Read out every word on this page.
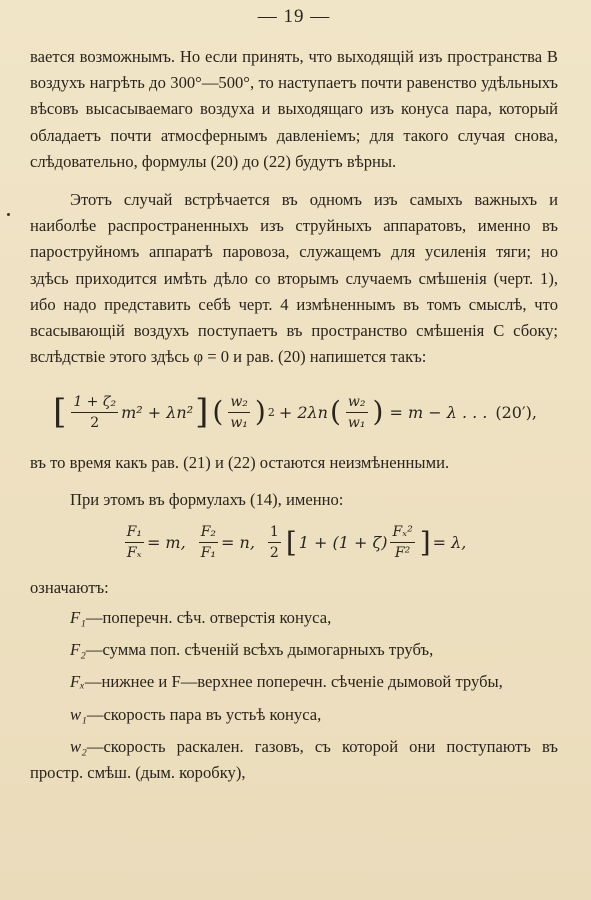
— 19 —

вается возможнымъ. Но если принять, что выходящій изъ пространства B воздухъ нагрѣть до 300°—500°, то наступаетъ почти равенство удѣльныхъ вѣсовъ высасываемаго воздуха и выходящаго изъ конуса пара, который обладаетъ почти атмосфернымъ давленіемъ; для такого случая снова, слѣдовательно, формулы (20) до (22) будутъ вѣрны.

Этотъ случай встрѣчается въ одномъ изъ самыхъ важныхъ и наиболѣе распространенныхъ изъ струйныхъ аппаратовъ, именно въ пароструйномъ аппаратѣ паровоза, служащемъ для усиленія тяги; но здѣсь приходится имѣть дѣло со вторымъ случаемъ смѣшенія (черт. 1), ибо надо представить себѣ черт. 4 измѣненнымъ въ томъ смыслѣ, что всасывающій воздухъ поступаетъ въ пространство смѣшенія C сбоку; вслѣдствіе этого здѣсь φ = 0 и рав. (20) напишется такъ:

[ $\frac{\text{1 + ζ₂}}{2} m^2 + \lambda n^2$ ] ( $\frac{\text{w₂}}{\text{w₁}}$ ) 2 + 2λn ( $\frac{\text{w₂}}{\text{w₁}}$ ) = m − λ . . . (20′),

въ то время какъ рав. (21) и (22) остаются неизмѣненными.

При этомъ въ формулахъ (14), именно:

$\frac{\text{F₁}}{\text{Fₓ}} = m$, $\frac{\text{F₂}}{\text{F₁}} = n$, $\frac{1}{2}$ [ $1 + (1 + \zeta) \frac{\text{Fₓ²}}{\text{F²}}$ ] = λ,

означаютъ:

F₁—поперечн. сѣч. отверстія конуса,

F₂—сумма поп. сѣченій всѣхъ дымогарныхъ трубъ,

Fₓ—нижнее и F—верхнее поперечн. сѣченіе дымовой трубы,

w₁—скорость пара въ устьѣ конуса,

w₂—скорость раскален. газовъ, съ которой они поступаютъ въ простр. смѣш. (дым. коробку),
